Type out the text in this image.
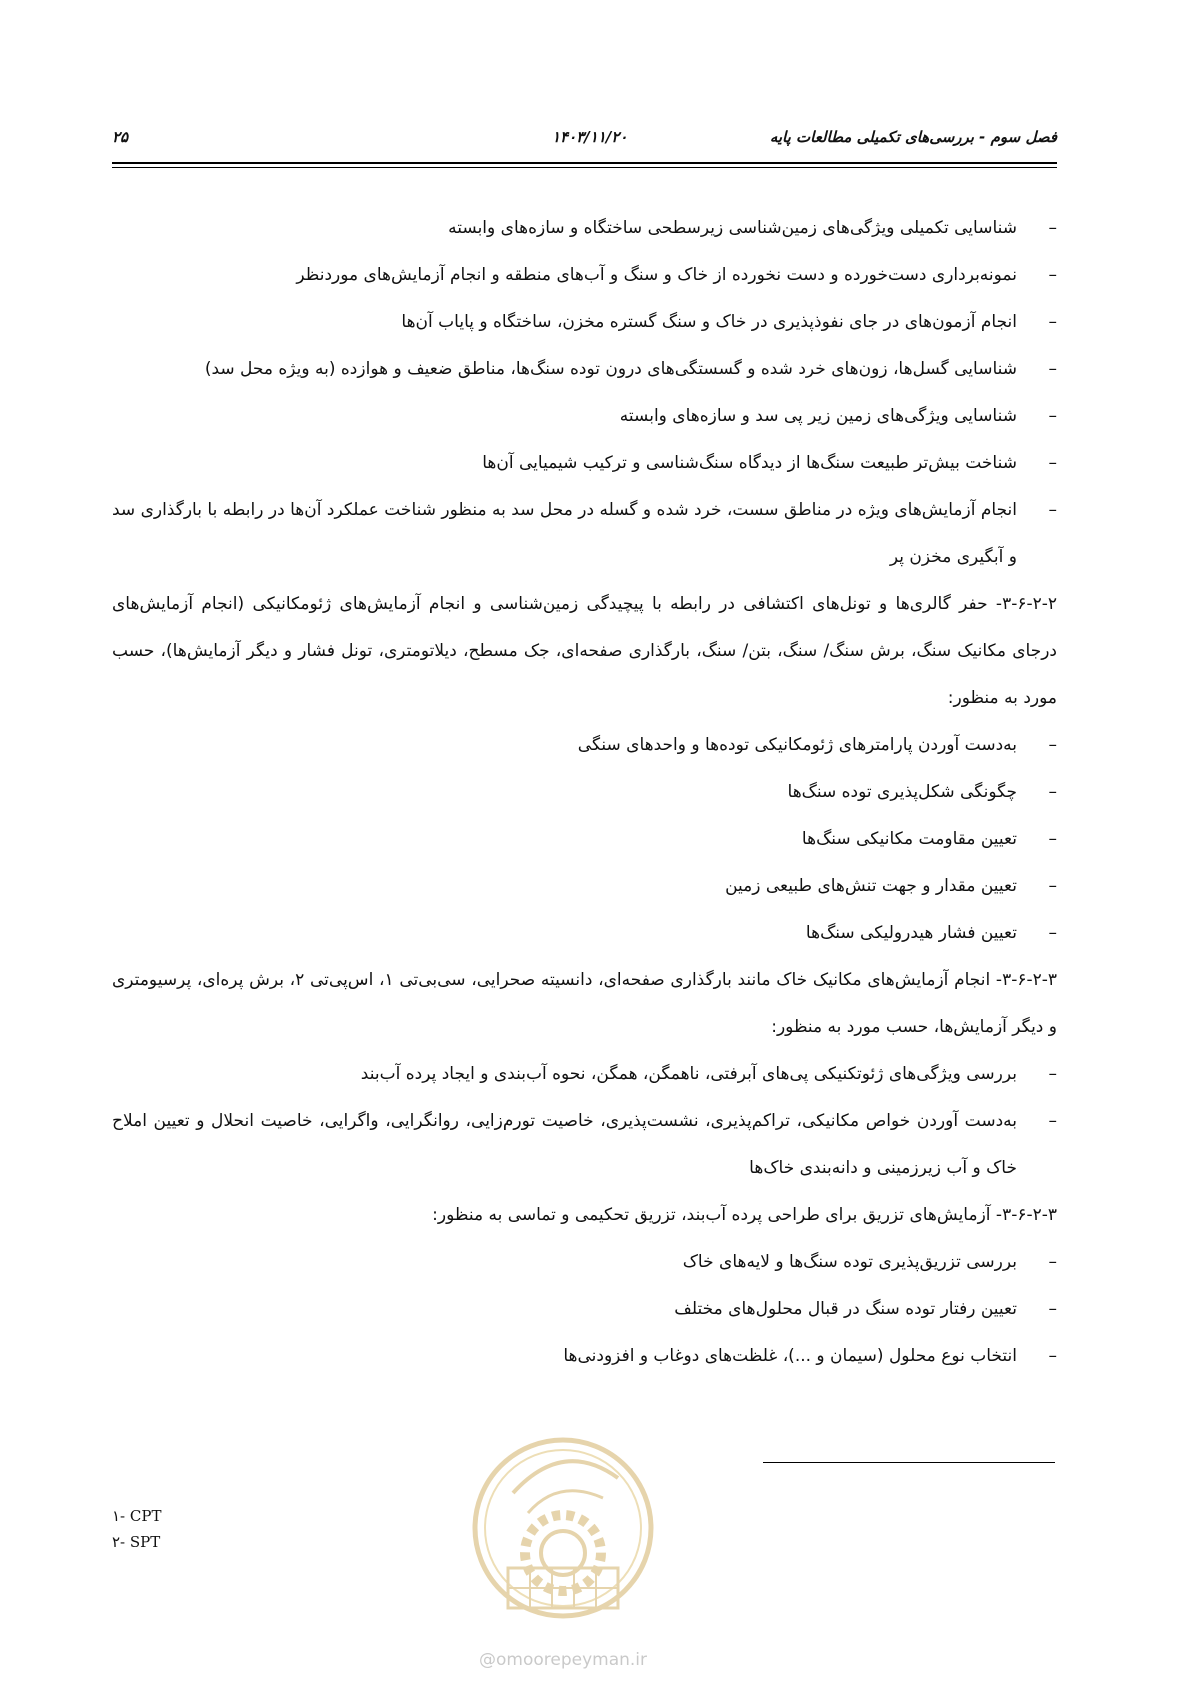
فصل سوم - بررسی‌های تکمیلی مطالعات پایه
۱۴۰۳/۱۱/۲۰
۲۵
–
شناسایی تکمیلی ویژگی‌های زمین‌شناسی زیرسطحی ساختگاه و سازه‌های وابسته
–
نمونه‌برداری دست‌خورده و دست نخورده از خاک و سنگ و آب‌های منطقه و انجام آزمایش‌های موردنظر
–
انجام آزمون‌های در جای نفوذپذیری در خاک و سنگ گستره مخزن، ساختگاه و پایاب آن‌ها
–
شناسایی گسل‌ها، زون‌های خرد شده و گسستگی‌های درون توده سنگ‌ها، مناطق ضعیف و هوازده (به ویژه محل سد)
–
شناسایی ویژگی‌های زمین زیر پی سد و سازه‌های وابسته
–
شناخت بیش‌تر طبیعت سنگ‌ها از دیدگاه سنگ‌شناسی و ترکیب شیمیایی آن‌ها
–
انجام آزمایش‌های ویژه در مناطق سست، خرد شده و گسله در محل سد به منظور شناخت عملکرد آن‌ها در رابطه با بارگذاری سد و آبگیری مخزن پر
۳-۶-۲-۲- حفر گالری‌ها و تونل‌های اکتشافی در رابطه با پیچیدگی زمین‌شناسی و انجام آزمایش‌های ژئومکانیکی (انجام آزمایش‌های درجای مکانیک سنگ، برش سنگ/ سنگ، بتن/ سنگ، بارگذاری صفحه‌ای، جک مسطح، دیلاتومتری، تونل فشار و دیگر آزمایش‌ها)، حسب مورد به منظور:
–
به‌دست آوردن پارامترهای ژئومکانیکی توده‌ها و واحدهای سنگی
–
چگونگی شکل‌پذیری توده سنگ‌ها
–
تعیین مقاومت مکانیکی سنگ‌ها
–
تعیین مقدار و جهت تنش‌های طبیعی زمین
–
تعیین فشار هیدرولیکی سنگ‌ها
۳-۶-۲-۳- انجام آزمایش‌های مکانیک خاک مانند بارگذاری صفحه‌ای، دانسیته صحرایی، سی‌بی‌تی ۱، اس‌پی‌تی ۲، برش پره‌ای، پرسیومتری و دیگر آزمایش‌ها، حسب مورد به منظور:
–
بررسی ویژگی‌های ژئوتکنیکی پی‌های آبرفتی، ناهمگن، همگن، نحوه آب‌بندی و ایجاد پرده آب‌بند
–
به‌دست آوردن خواص مکانیکی، تراکم‌پذیری، نشست‌پذیری، خاصیت تورم‌زایی، روانگرایی، واگرایی، خاصیت انحلال و تعیین املاح خاک و آب زیرزمینی و دانه‌بندی خاک‌ها
۳-۶-۲-۳- آزمایش‌های تزریق برای طراحی پرده آب‌بند، تزریق تحکیمی و تماسی به منظور:
–
بررسی تزریق‌پذیری توده سنگ‌ها و لایه‌های خاک
–
تعیین رفتار توده سنگ در قبال محلول‌های مختلف
–
انتخاب نوع محلول (سیمان و ...)، غلظت‌های دوغاب و افزودنی‌ها
۱- CPT
۲- SPT
@omoorepeyman.ir
